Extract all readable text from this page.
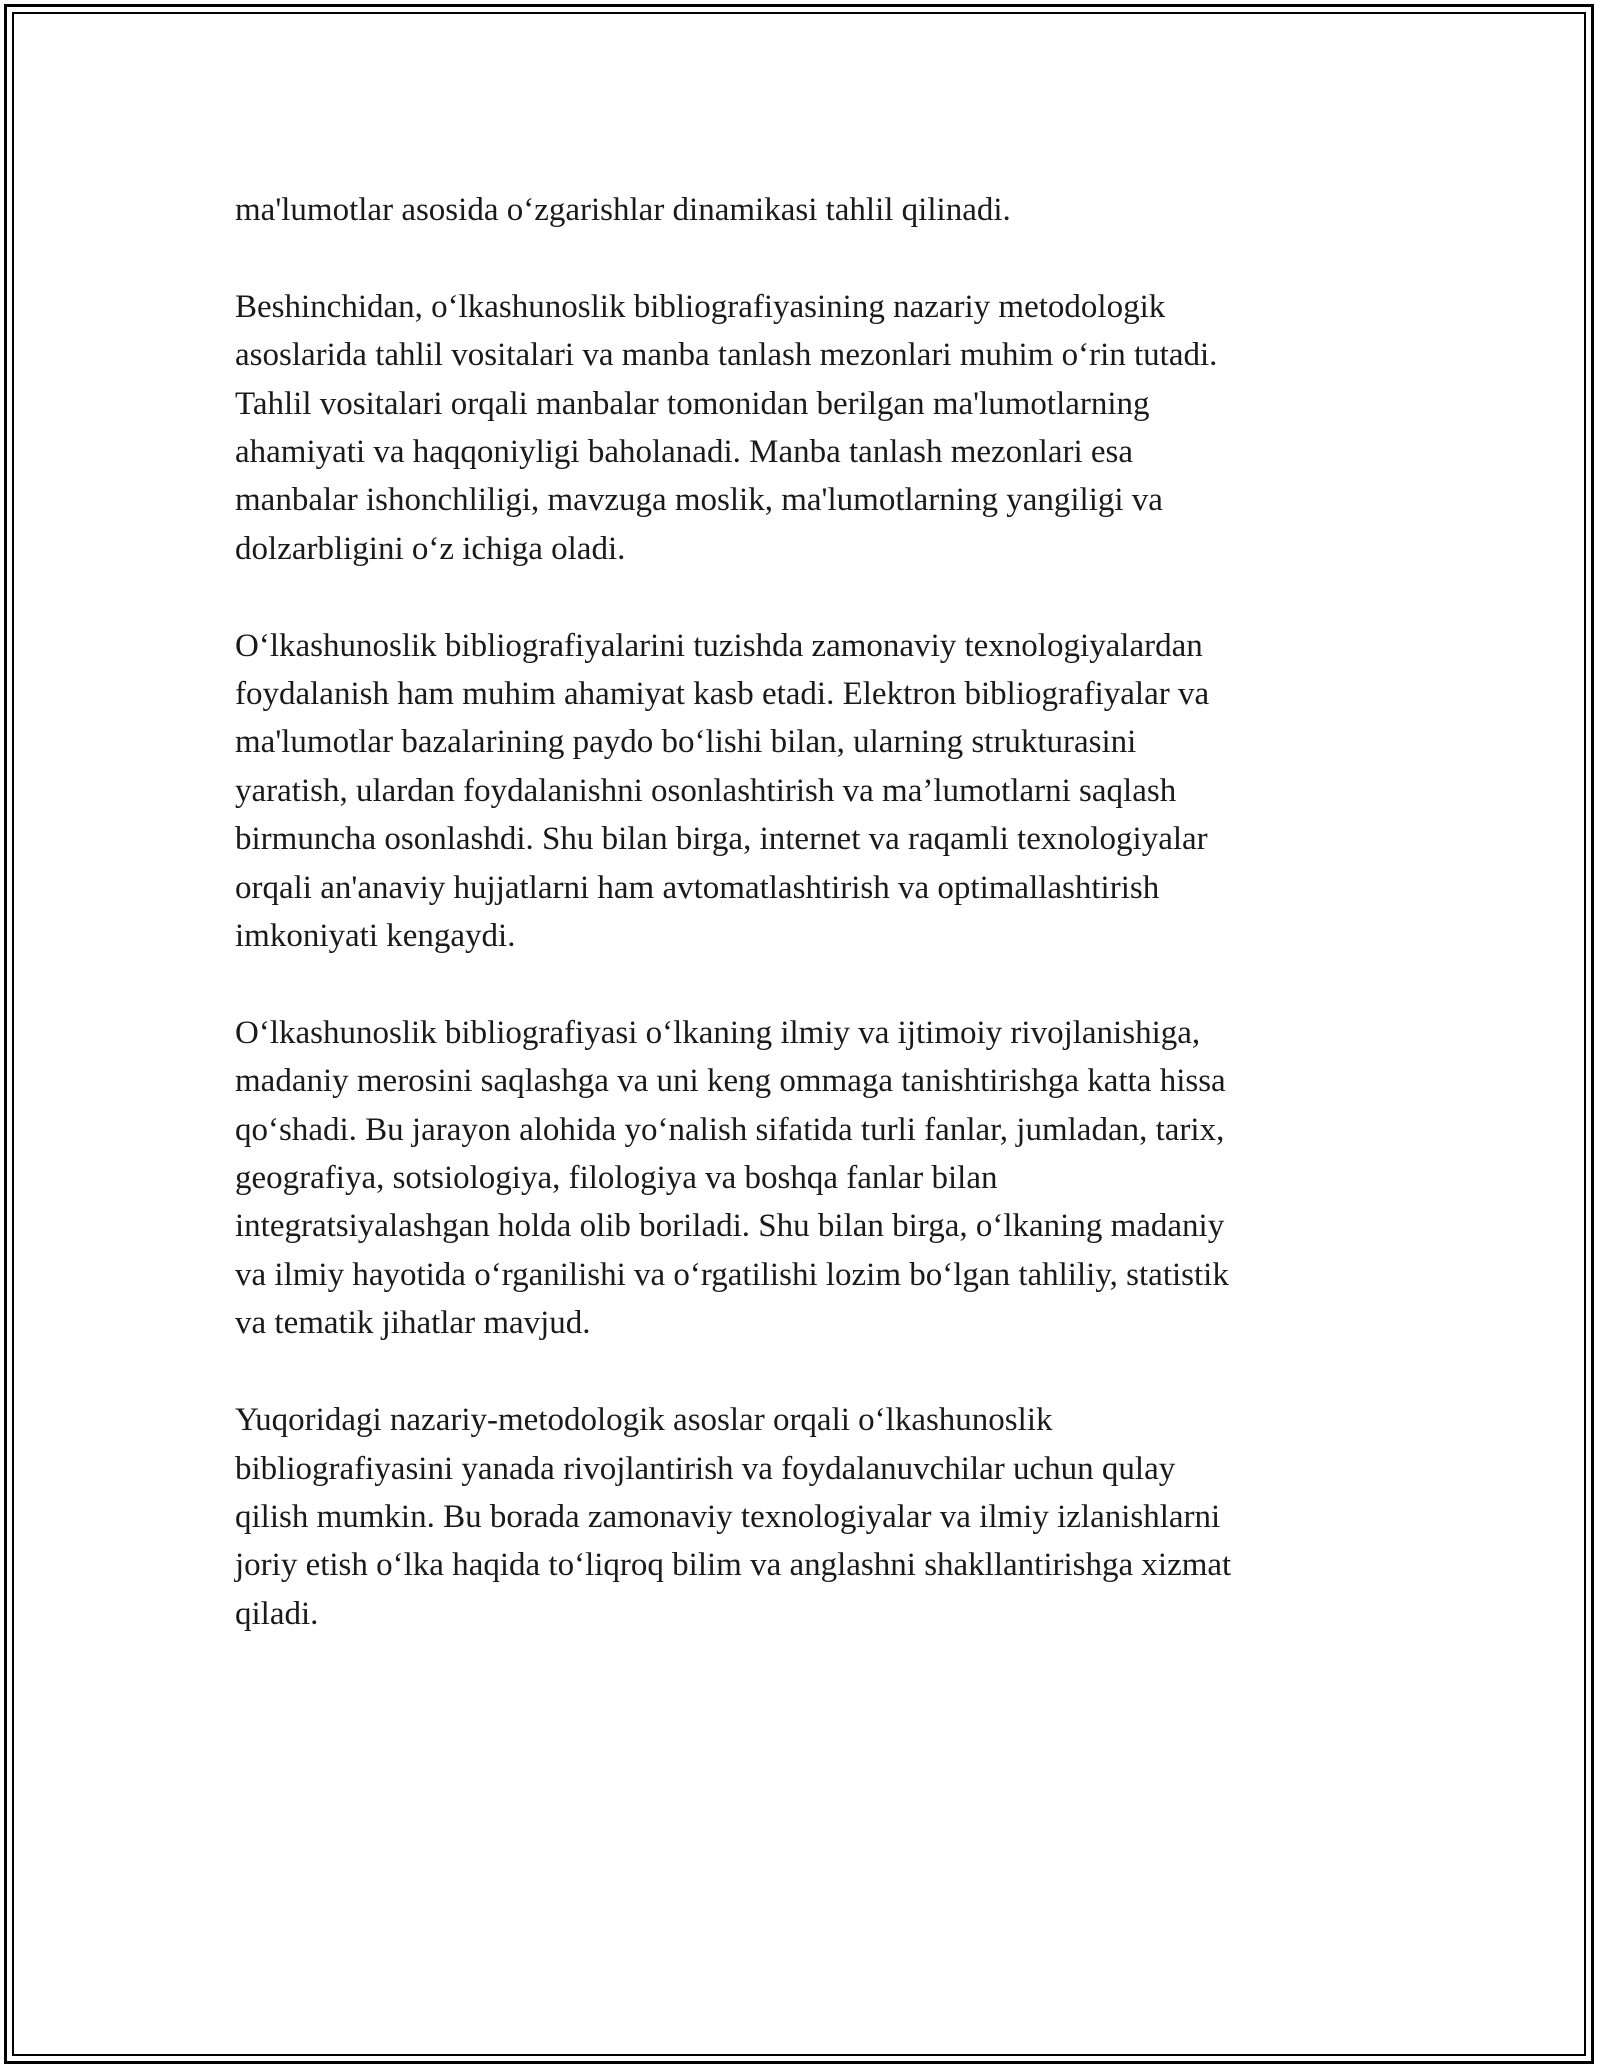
ma'lumotlar asosida o‘zgarishlar dinamikasi tahlil qilinadi.

Beshinchidan, o‘lkashunoslik bibliografiyasining nazariy metodologik
asoslarida tahlil vositalari va manba tanlash mezonlari muhim o‘rin tutadi.
Tahlil vositalari orqali manbalar tomonidan berilgan ma'lumotlarning
ahamiyati va haqqoniyligi baholanadi. Manba tanlash mezonlari esa
manbalar ishonchliligi, mavzuga moslik, ma'lumotlarning yangiligi va
dolzarbligini o‘z ichiga oladi.

O‘lkashunoslik bibliografiyalarini tuzishda zamonaviy texnologiyalardan
foydalanish ham muhim ahamiyat kasb etadi. Elektron bibliografiyalar va
ma'lumotlar bazalarining paydo bo‘lishi bilan, ularning strukturasini
yaratish, ulardan foydalanishni osonlashtirish va ma’lumotlarni saqlash
birmuncha osonlashdi. Shu bilan birga, internet va raqamli texnologiyalar
orqali an'anaviy hujjatlarni ham avtomatlashtirish va optimallashtirish
imkoniyati kengaydi.

O‘lkashunoslik bibliografiyasi o‘lkaning ilmiy va ijtimoiy rivojlanishiga,
madaniy merosini saqlashga va uni keng ommaga tanishtirishga katta hissa
qo‘shadi. Bu jarayon alohida yo‘nalish sifatida turli fanlar, jumladan, tarix,
geografiya, sotsiologiya, filologiya va boshqa fanlar bilan
integratsiyalashgan holda olib boriladi. Shu bilan birga, o‘lkaning madaniy
va ilmiy hayotida o‘rganilishi va o‘rgatilishi lozim bo‘lgan tahliliy, statistik
va tematik jihatlar mavjud.

Yuqoridagi nazariy-metodologik asoslar orqali o‘lkashunoslik
bibliografiyasini yanada rivojlantirish va foydalanuvchilar uchun qulay
qilish mumkin. Bu borada zamonaviy texnologiyalar va ilmiy izlanishlarni
joriy etish o‘lka haqida to‘liqroq bilim va anglashni shakllantirishga xizmat
qiladi.
